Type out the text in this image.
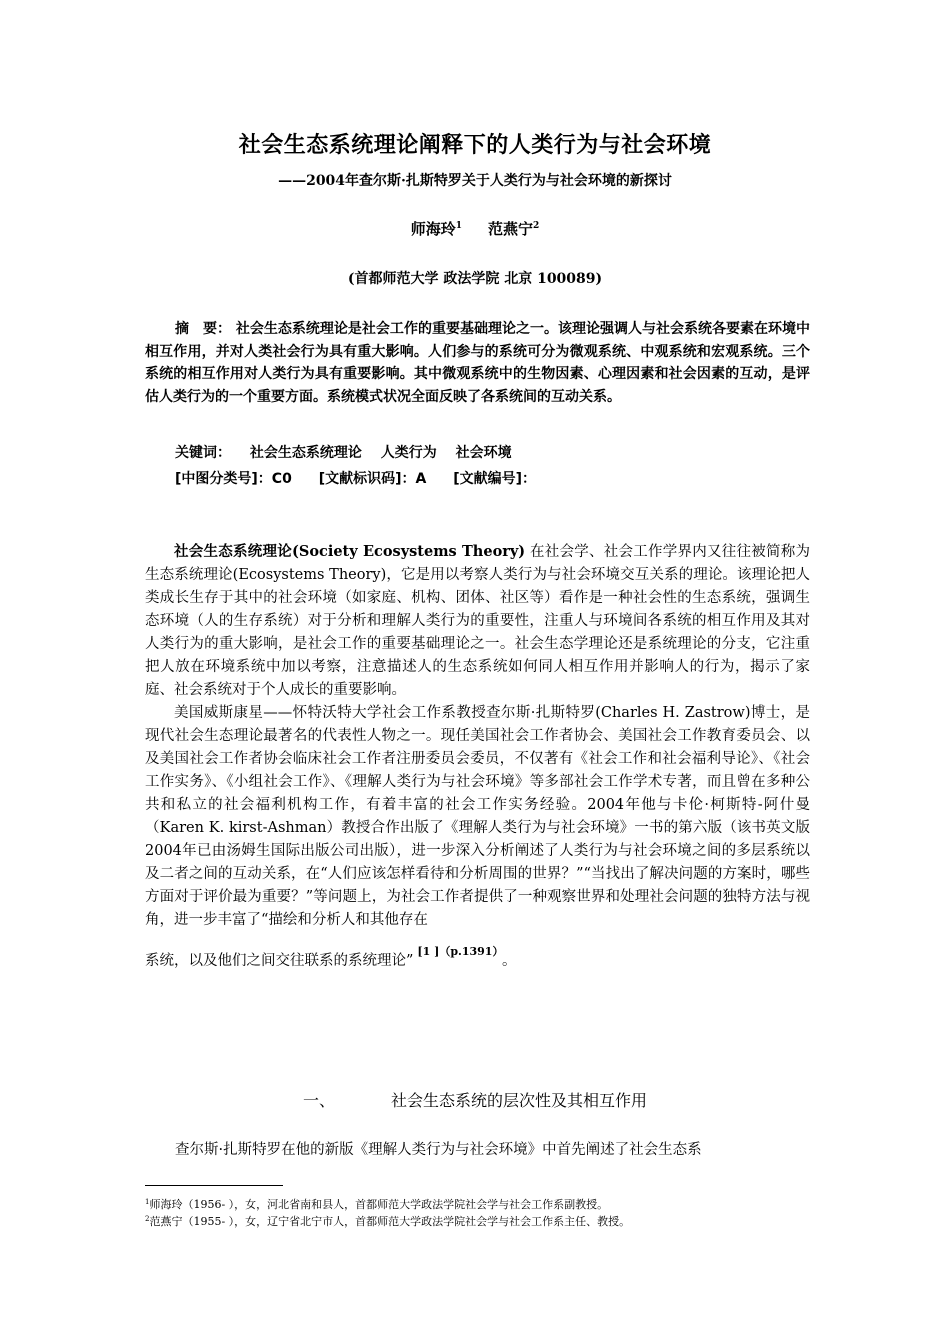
社会生态系统理论阐释下的人类行为与社会环境
——2004年查尔斯·扎斯特罗关于人类行为与社会环境的新探讨
师海玲$^1$ 范燕宁$^2$
(首都师范大学 政法学院 北京 100089)
摘　要： 社会生态系统理论是社会工作的重要基础理论之一。该理论强调人与社会系统各要素在环境中相互作用，并对人类社会行为具有重大影响。人们参与的系统可分为微观系统、中观系统和宏观系统。三个系统的相互作用对人类行为具有重要影响。其中微观系统中的生物因素、心理因素和社会因素的互动，是评估人类行为的一个重要方面。系统模式状况全面反映了各系统间的互动关系。
关键词： 社会生态系统理论 人类行为 社会环境
[中图分类号]：C0 [文献标识码]：A [文献编号]：

社会生态系统理论(Society Ecosystems Theory) 在社会学、社会工作学界内又往往被简称为生态系统理论(Ecosystems Theory)，它是用以考察人类行为与社会环境交互关系的理论。该理论把人类成长生存于其中的社会环境（如家庭、机构、团体、社区等）看作是一种社会性的生态系统，强调生态环境（人的生存系统）对于分析和理解人类行为的重要性，注重人与环境间各系统的相互作用及其对人类行为的重大影响，是社会工作的重要基础理论之一。社会生态学理论还是系统理论的分支，它注重把人放在环境系统中加以考察，注意描述人的生态系统如何同人相互作用并影响人的行为，揭示了家庭、社会系统对于个人成长的重要影响。

美国威斯康星——怀特沃特大学社会工作系教授查尔斯·扎斯特罗(Charles H. Zastrow)博士，是现代社会生态理论最著名的代表性人物之一。现任美国社会工作者协会、美国社会工作教育委员会、以及美国社会工作者协会临床社会工作者注册委员会委员，不仅著有《社会工作和社会福利导论》、《社会工作实务》、《小组社会工作》、《理解人类行为与社会环境》等多部社会工作学术专著，而且曾在多种公共和私立的社会福利机构工作，有着丰富的社会工作实务经验。2004年他与卡伦·柯斯特-阿什曼（Karen K. kirst-Ashman）教授合作出版了《理解人类行为与社会环境》一书的第六版（该书英文版2004年已由汤姆生国际出版公司出版），进一步深入分析阐述了人类行为与社会环境之间的多层系统以及二者之间的互动关系，在“人们应该怎样看待和分析周围的世界？”“当找出了解决问题的方案时，哪些方面对于评价最为重要？”等问题上，为社会工作者提供了一种观察世界和处理社会问题的独特方法与视角，进一步丰富了“描绘和分析人和其他存在
系统，以及他们之间交往联系的系统理论”$^{[1 ](p.1391)}$。

一、	社会生态系统的层次性及其相互作用
查尔斯·扎斯特罗在他的新版《理解人类行为与社会环境》中首先阐述了社会生态系
$^1$师海玲（1956- ），女，河北省南和县人，首都师范大学政法学院社会学与社会工作系副教授。
$^2$范燕宁（1955- ），女，辽宁省北宁市人，首都师范大学政法学院社会学与社会工作系主任、教授。
